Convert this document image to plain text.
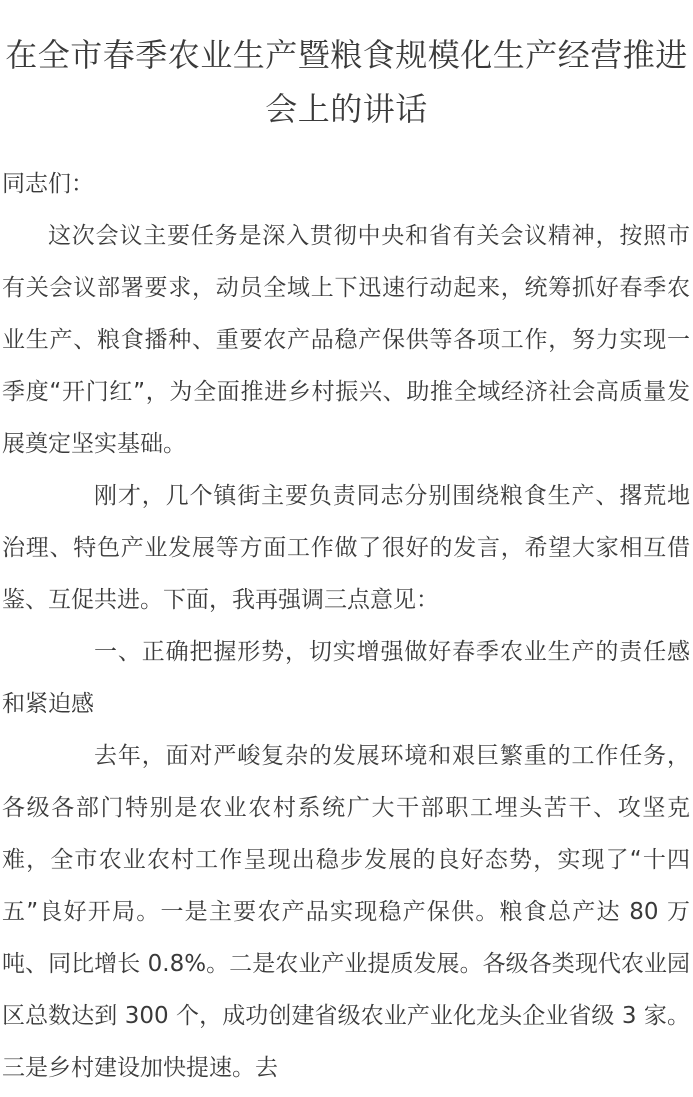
在全市春季农业生产暨粮食规模化生产经营推进会上的讲话

同志们：

这次会议主要任务是深入贯彻中央和省有关会议精神，按照市有关会议部署要求，动员全域上下迅速行动起来，统筹抓好春季农业生产、粮食播种、重要农产品稳产保供等各项工作，努力实现一季度“开门红”，为全面推进乡村振兴、助推全域经济社会高质量发展奠定坚实基础。

刚才，几个镇街主要负责同志分别围绕粮食生产、撂荒地治理、特色产业发展等方面工作做了很好的发言，希望大家相互借鉴、互促共进。下面，我再强调三点意见：

一、正确把握形势，切实增强做好春季农业生产的责任感和紧迫感

去年，面对严峻复杂的发展环境和艰巨繁重的工作任务，各级各部门特别是农业农村系统广大干部职工埋头苦干、攻坚克难，全市农业农村工作呈现出稳步发展的良好态势，实现了“十四五”良好开局。一是主要农产品实现稳产保供。粮食总产达 80 万吨、同比增长 0.8%。二是农业产业提质发展。各级各类现代农业园区总数达到 300 个，成功创建省级农业产业化龙头企业省级 3 家。三是乡村建设加快提速。去
